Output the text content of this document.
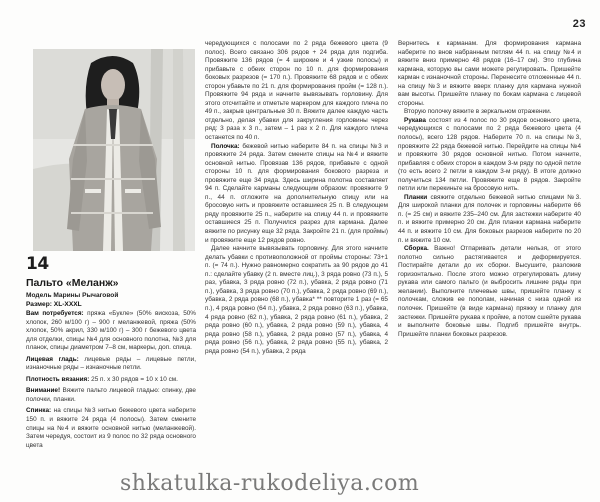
23
14
Пальто «Меланж»
Модель Марины Рычаговой
Размер: XL-XXXL

Вам потребуется: пряжа «Букле» (50% вискоза, 50% хлопок, 260 м/100 г) – 900 г меланжевой, пряжа (50% хлопок, 50% акрил, 330 м/100 г) – 300 г бежевого цвета для отделки, спицы №4 для основного полотна, №3 для планок, спицы диаметром 7–8 см, маркеры, доп. спица.

Лицевая гладь: лицевые ряды – лицевые петли, изнаночные ряды – изнаночные петли.

Плотность вязания: 25 п. x 30 рядов = 10 x 10 см.

Внимание! Вяжите пальто лицевой гладью: спинку, две полочки, планки.

Спинка: на спицы №3 нитью бежевого цвета наберите 150 п. и вяжите 24 ряда (4 полосы). Затем смените спицы на №4 и вяжите основной нитью (меланжевой). Затем чередуя, состоит из 9 полос по 32 ряда основного цвета

чередующихся с полосами по 2 ряда бежевого цвета (9 полос). Всего связано 306 рядов + 24 ряда для подгиба. Провяжите 136 рядов (= 4 широкие и 4 узкие полосы) и прибавьте с обеих сторон по 10 п. для формирования боковых разрезов (= 170 п.). Провяжите 68 рядов и с обеих сторон убавьте по 21 п. для формирования пройм (= 128 п.). Провяжите 94 ряда и начните вывязывать горловину. Для этого отсчитайте и отметьте маркером для каждого плеча по 49 п., закрыв центральные 30 п. Вяжите далее каждую часть отдельно, делая убавки для закругления горловины через ряд: 3 раза x 3 п., затем – 1 раз x 2 п. Для каждого плеча останется по 40 п.

Полочка: бежевой нитью наберите 84 п. на спицы №3 и провяжите 24 ряда. Затем смените спицы на №4 и вяжите основной нитью. Провязав 136 рядов, прибавьте с одной стороны 10 п. для формирования бокового разреза и провяжите еще 34 ряда. Здесь ширина полотна составляет 94 п. Сделайте карманы следующим образом: провяжите 9 п., 44 п. отложите на дополнительную спицу или на бросовую нить и провяжите оставшиеся 25 п. В следующем ряду провяжите 25 п., наберите на спицу 44 п. и провяжите оставшиеся 25 п. Получился разрез для кармана. Далее вяжите по рисунку еще 32 ряда. Закройте 21 п. (для проймы) и провяжите еще 12 рядов ровно.

Далее начните вывязывать горловину. Для этого начните делать убавки с противоположной от проймы стороны: 73+1 п. (= 74 п.). Нужно равномерно сократить за 90 рядов до 41 п.: сделайте убавку (2 п. вместе лиц.), 3 ряда ровно (73 п.), 5 раз, убавка, 3 ряда ровно (72 п.), убавка, 2 ряда ровно (71 п.), убавка, 3 ряда ровно (70 п.), убавка, 2 ряда ровно (69 п.), убавка, 2 ряда ровно (68 п.), убавка* ** повторите 1 раз (= 65 п.), 4 ряда ровно (64 п.), убавка, 2 ряда ровно (63 п.), убавка, 4 ряда ровно (62 п.), убавка, 2 ряда ровно (61 п.), убавка, 2 ряда ровно (60 п.), убавка, 2 ряда ровно (59 п.), убавка, 4 ряда ровно (58 п.), убавка, 2 ряда ровно (57 п.), убавка, 4 ряда ровно (56 п.), убавка, 2 ряда ровно (55 п.), убавка, 2 ряда ровно (54 п.), убавка, 2 ряда

Вернитесь к карманам. Для формирования кармана наберите по внов набранным петлям 44 п. на спицу №4 и вяжите вниз примерно 48 рядов (16–17 см). Это глубина кармана, которую вы сами можете регулировать. Пришейте карман с изнаночной стороны. Перенесите отложенные 44 п. на спицу №3 и вяжите вверх планку для кармана нужной вам высоты. Пришейте планку по бокам кармана с лицевой стороны.

Вторую полочку вяжите в зеркальном отражении.

Рукава состоят из 4 полос по 30 рядов основного цвета, чередующихся с полосами по 2 ряда бежевого цвета (4 полосы), всего 128 рядов. Наберите 70 п. на спицы №3, провяжите 22 ряда бежевой нитью. Перейдите на спицы №4 и провяжите 30 рядов основной нитью. Потом начните, прибавляя с обеих сторон в каждом 3-м ряду по одной петле (то есть всего 2 петли в каждом 3-м ряду). В итоге должно получиться 134 петли. Провяжите еще 8 рядов. Закройте петли или перекиньте на бросовую нить.

Планки свяжите отдельно бежевой нитью спицами №3. Для широкой планки для полочек и горловины наберите 66 п. (= 25 см) и вяжите 235–240 см. Для застежки наберите 40 п. и вяжите примерно 20 см. Для планки кармана наберите 44 п. и вяжите 10 см. Для боковых разрезов наберите по 20 п. и вяжите 10 см.

Сборка. Важно! Отпаривать детали нельзя, от этого полотно сильно растягивается и деформируется. Постирайте детали до их сборки. Высушите, разложив горизонтально. После этого можно отрегулировать длину рукава или самого пальто (и выбросить лишние ряды при желании). Выполните плечевые швы, пришейте планку к полочкам, сложив ее пополам, начиная с низа одной из полочек. Пришейте (в виде кармана) пряжку и планку для застежки. Пришейте рукава к пройме, а потом сшейте рукава и выполните боковые швы. Подгиб пришейте внутрь. Пришейте планки боковых разрезов.

shkatulka-rukodeliya.com
